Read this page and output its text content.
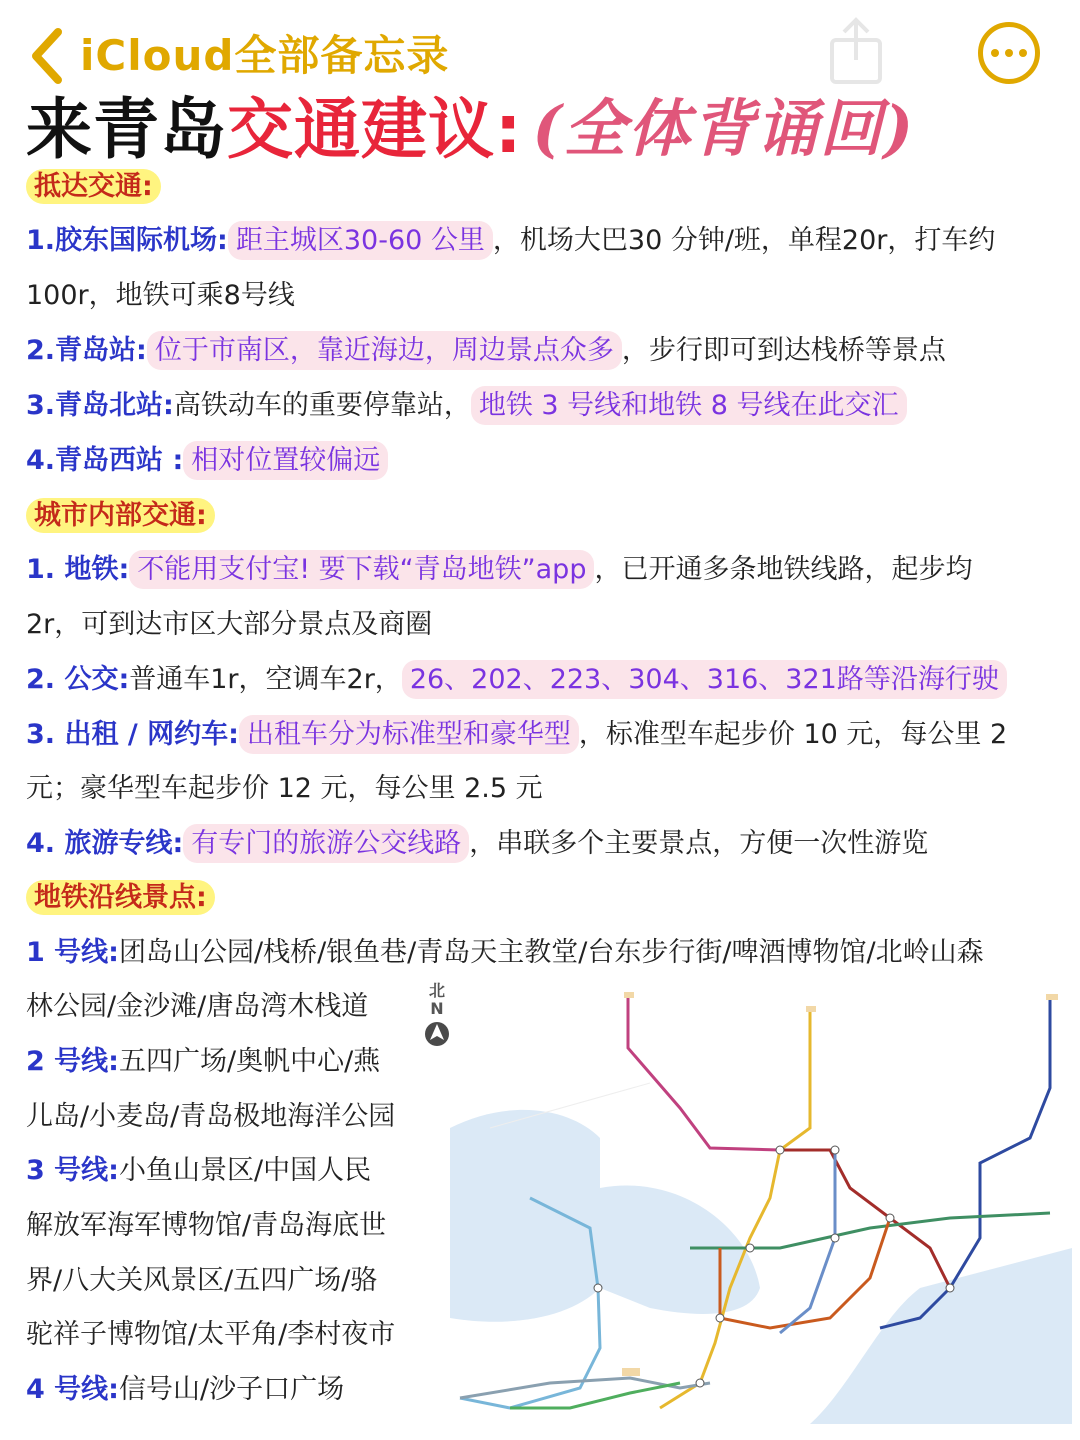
iCloud全部备忘录
来青岛 交通建议: (全体背诵回)
抵达交通:
1.胶东国际机场: 距主城区30-60 公里 ，机场大巴30 分钟/班，单程20r，打车约
100r，地铁可乘8号线
2.青岛站: 位于市南区，靠近海边，周边景点众多 ，步行即可到达栈桥等景点
3.青岛北站:高铁动车的重要停靠站， 地铁 3 号线和地铁 8 号线在此交汇
4.青岛西站 : 相对位置较偏远
城市内部交通:
1. 地铁: 不能用支付宝! 要下载“青岛地铁”app ，已开通多条地铁线路，起步均
2r，可到达市区大部分景点及商圈
2. 公交:普通车1r，空调车2r， 26、202、223、304、316、321路等沿海行驶
3. 出租 / 网约车: 出租车分为标准型和豪华型 ，标准型车起步价 10 元，每公里 2
元；豪华型车起步价 12 元，每公里 2.5 元
4. 旅游专线: 有专门的旅游公交线路 ，串联多个主要景点，方便一次性游览
地铁沿线景点:
1 号线:团岛山公园/栈桥/银鱼巷/青岛天主教堂/台东步行街/啤酒博物馆/北岭山森
林公园/金沙滩/唐岛湾木栈道
2 号线:五四广场/奥帆中心/燕
儿岛/小麦岛/青岛极地海洋公园
3 号线:小鱼山景区/中国人民
解放军海军博物馆/青岛海底世
界/八大关风景区/五四广场/骆
驼祥子博物馆/太平角/李村夜市
4 号线:信号山/沙子口广场
北
N
